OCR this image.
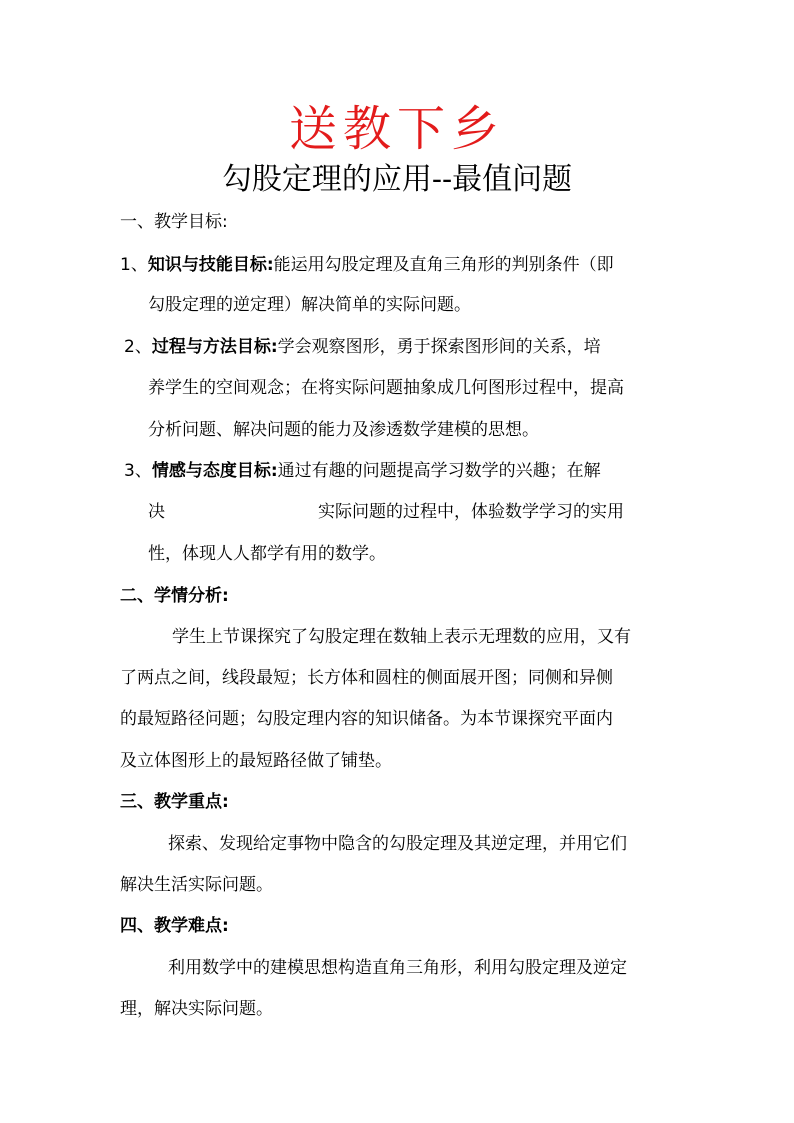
送教下乡
勾股定理的应用--最值问题
一、教学目标:
1、知识与技能目标:能运用勾股定理及直角三角形的判别条件（即
勾股定理的逆定理）解决简单的实际问题。
2、过程与方法目标:学会观察图形，勇于探索图形间的关系，培
养学生的空间观念；在将实际问题抽象成几何图形过程中，提高
分析问题、解决问题的能力及渗透数学建模的思想。
3、情感与态度目标:通过有趣的问题提高学习数学的兴趣；在解
决	实际问题的过程中，体验数学学习的实用
性，体现人人都学有用的数学。
二、学情分析:
学生上节课探究了勾股定理在数轴上表示无理数的应用，又有
了两点之间，线段最短；长方体和圆柱的侧面展开图；同侧和异侧
的最短路径问题；勾股定理内容的知识储备。为本节课探究平面内
及立体图形上的最短路径做了铺垫。
三、教学重点:
探索、发现给定事物中隐含的勾股定理及其逆定理，并用它们
解决生活实际问题。
四、教学难点:
利用数学中的建模思想构造直角三角形，利用勾股定理及逆定
理，解决实际问题。
